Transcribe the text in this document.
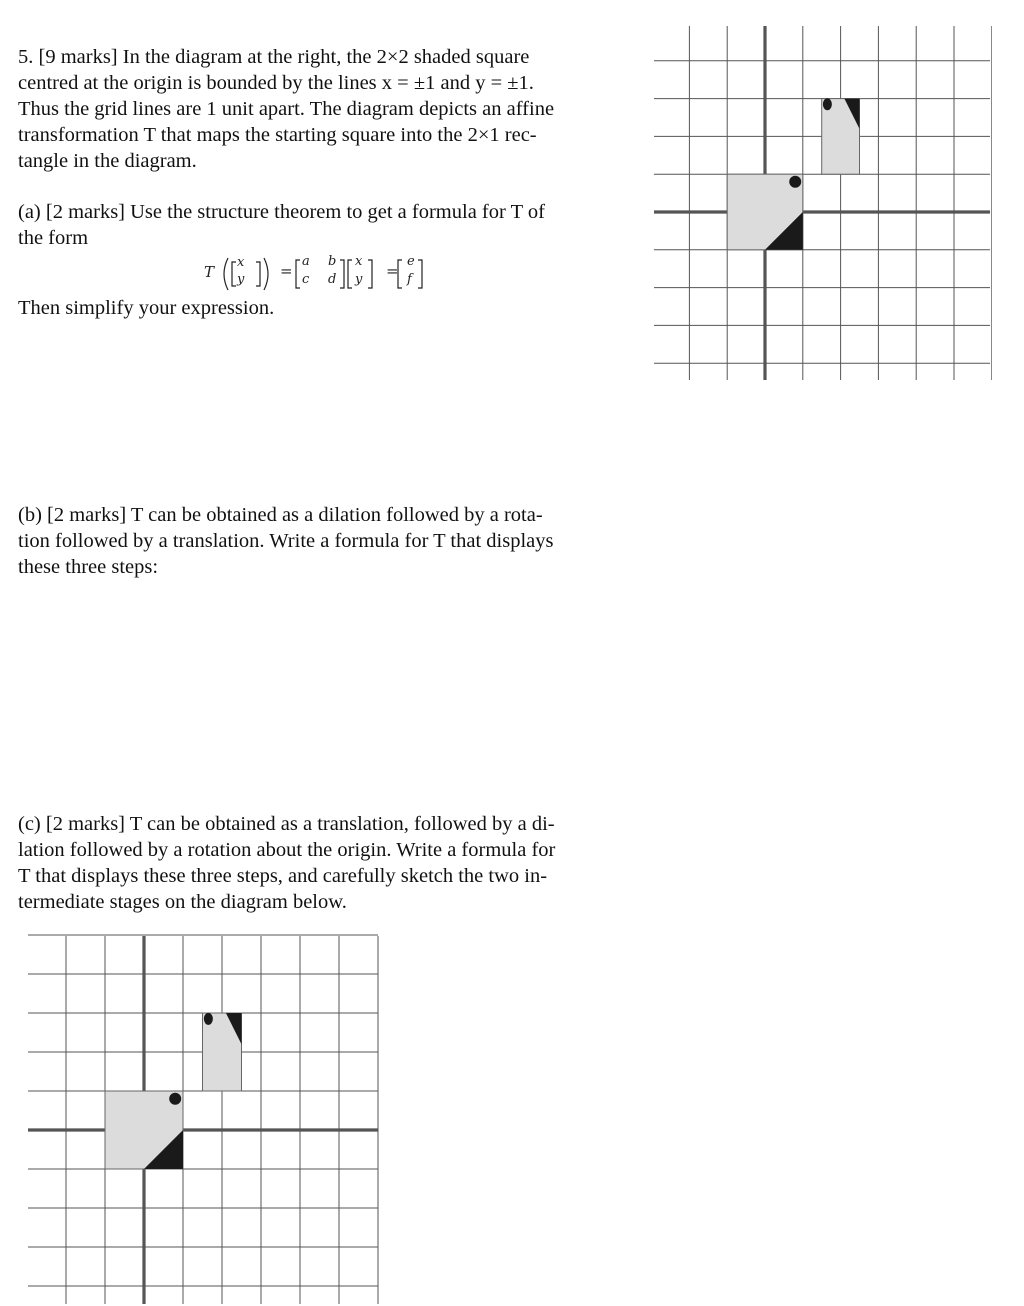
5. [9 marks] In the diagram at the right, the 2×2 shaded square
centred at the origin is bounded by the lines x = ±1 and y = ±1.
Thus the grid lines are 1 unit apart. The diagram depicts an affine
transformation T that maps the starting square into the 2×1 rec-
tangle in the diagram.
(a) [2 marks] Use the structure theorem to get a formula for T of
the form
T
x
y =
a b
c d
x
y =
e
f
Then simplify your expression.
(b) [2 marks] T can be obtained as a dilation followed by a rota-
tion followed by a translation. Write a formula for T that displays
these three steps:
(c) [2 marks] T can be obtained as a translation, followed by a di-
lation followed by a rotation about the origin. Write a formula for
T that displays these three steps, and carefully sketch the two in-
termediate stages on the diagram below.
